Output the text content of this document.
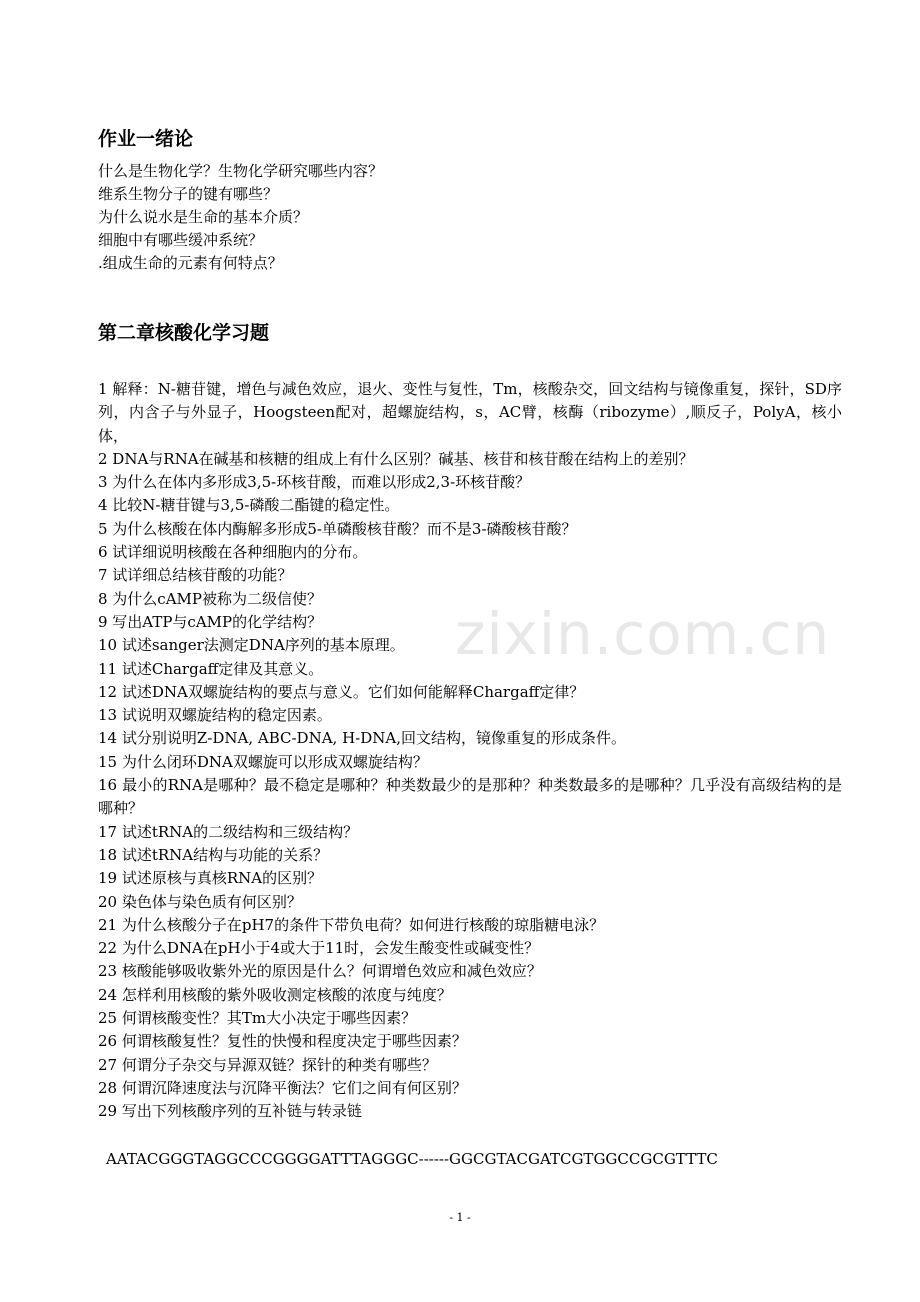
zixin.com.cn
作业一绪论
什么是生物化学？生物化学研究哪些内容？
维系生物分子的键有哪些？
为什么说水是生命的基本介质？
细胞中有哪些缓冲系统？
.组成生命的元素有何特点？
第二章核酸化学习题
1 解释：N-糖苷键，增色与减色效应，退火、变性与复性，Tm，核酸杂交，回文结构与镜像重复，探针，SD序列，内含子与外显子，Hoogsteen配对，超螺旋结构，s，AC臂，核酶（ribozyme）,顺反子，PolyA，核小体，
2 DNA与RNA在碱基和核糖的组成上有什么区别？碱基、核苷和核苷酸在结构上的差别？
3 为什么在体内多形成3,5-环核苷酸，而难以形成2,3-环核苷酸？
4 比较N-糖苷键与3,5-磷酸二酯键的稳定性。
5 为什么核酸在体内酶解多形成5-单磷酸核苷酸？而不是3-磷酸核苷酸？
6 试详细说明核酸在各种细胞内的分布。
7 试详细总结核苷酸的功能？
8 为什么cAMP被称为二级信使？
9 写出ATP与cAMP的化学结构？
10 试述sanger法测定DNA序列的基本原理。
11 试述Chargaff定律及其意义。
12 试述DNA双螺旋结构的要点与意义。它们如何能解释Chargaff定律？
13 试说明双螺旋结构的稳定因素。
14 试分别说明Z-DNA, ABC-DNA, H-DNA,回文结构，镜像重复的形成条件。
15 为什么闭环DNA双螺旋可以形成双螺旋结构？
16 最小的RNA是哪种？最不稳定是哪种？种类数最少的是那种？种类数最多的是哪种？几乎没有高级结构的是哪种？
17 试述tRNA的二级结构和三级结构？
18 试述tRNA结构与功能的关系？
19 试述原核与真核RNA的区别？
20 染色体与染色质有何区别？
21 为什么核酸分子在pH7的条件下带负电荷？如何进行核酸的琼脂糖电泳？
22 为什么DNA在pH小于4或大于11时，会发生酸变性或碱变性？
23 核酸能够吸收紫外光的原因是什么？何谓增色效应和减色效应？
24 怎样利用核酸的紫外吸收测定核酸的浓度与纯度？
25 何谓核酸变性？其Tm大小决定于哪些因素？
26 何谓核酸复性？复性的快慢和程度决定于哪些因素？
27 何谓分子杂交与异源双链？探针的种类有哪些？
28 何谓沉降速度法与沉降平衡法？它们之间有何区别？
29 写出下列核酸序列的互补链与转录链
AATACGGGTAGGCCCGGGGATTTAGGGC------GGCGTACGATCGTGGCCGCGTTTC
- 1 -
